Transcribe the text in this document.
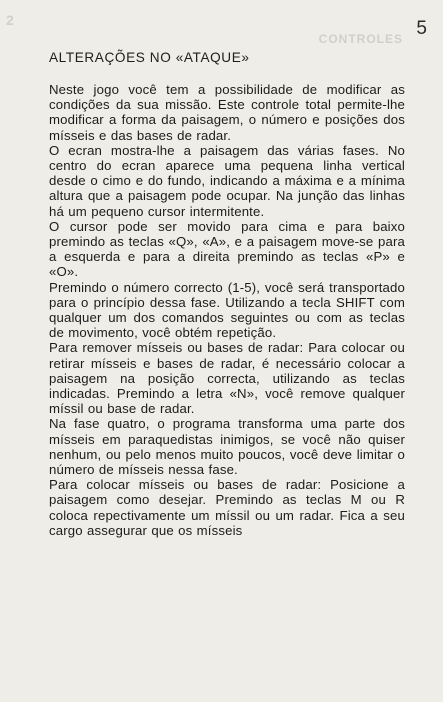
2
CONTROLES 5
ALTERAÇÕES NO «ATAQUE»

Neste jogo você tem a possibilidade de modificar as condições da sua missão. Este controle total permite-lhe modificar a forma da paisagem, o número e posições dos mísseis e das bases de radar.

O ecran mostra-lhe a paisagem das várias fases. No centro do ecran aparece uma pequena linha vertical desde o cimo e do fundo, indicando a máxima e a mínima altura que a paisagem pode ocupar. Na junção das linhas há um pequeno cursor intermitente.

O cursor pode ser movido para cima e para baixo premindo as teclas «Q», «A», e a paisagem move-se para a esquerda e para a direita premindo as teclas «P» e «O».

Premindo o número correcto (1-5), você será transportado para o princípio dessa fase. Utilizando a tecla SHIFT com qualquer um dos comandos seguintes ou com as teclas de movimento, você obtém repetição.

Para remover mísseis ou bases de radar: Para colocar ou retirar mísseis e bases de radar, é necessário colocar a paisagem na posição correcta, utilizando as teclas indicadas. Premindo a letra «N», você remove qualquer míssil ou base de radar.

Na fase quatro, o programa transforma uma parte dos mísseis em paraquedistas inimigos, se você não quiser nenhum, ou pelo menos muito poucos, você deve limitar o número de mísseis nessa fase.

Para colocar mísseis ou bases de radar: Posicione a paisagem como desejar. Premindo as teclas M ou R coloca repectivamente um míssil ou um radar. Fica a seu cargo assegurar que os mísseis
